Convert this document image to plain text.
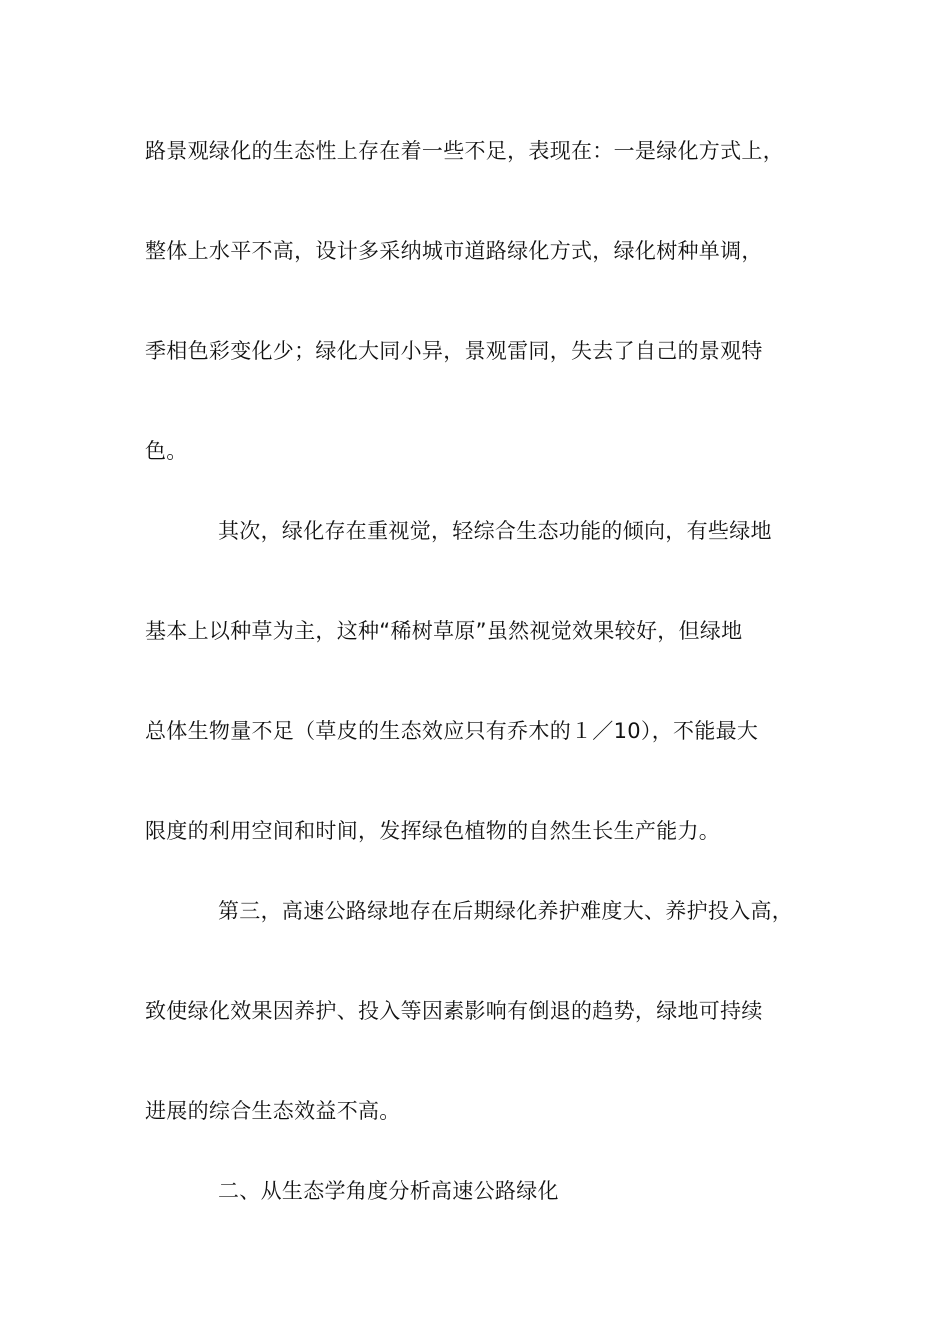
路景观绿化的生态性上存在着一些不足，表现在：一是绿化方式上，
整体上水平不高，设计多采纳城市道路绿化方式，绿化树种单调，
季相色彩变化少；绿化大同小异，景观雷同，失去了自己的景观特
色。
其次，绿化存在重视觉，轻综合生态功能的倾向，有些绿地
基本上以种草为主，这种“稀树草原”虽然视觉效果较好，但绿地
总体生物量不足（草皮的生态效应只有乔木的１／10），不能最大
限度的利用空间和时间，发挥绿色植物的自然生长生产能力。
第三，高速公路绿地存在后期绿化养护难度大、养护投入高，
致使绿化效果因养护、投入等因素影响有倒退的趋势，绿地可持续
进展的综合生态效益不高。
二、从生态学角度分析高速公路绿化
